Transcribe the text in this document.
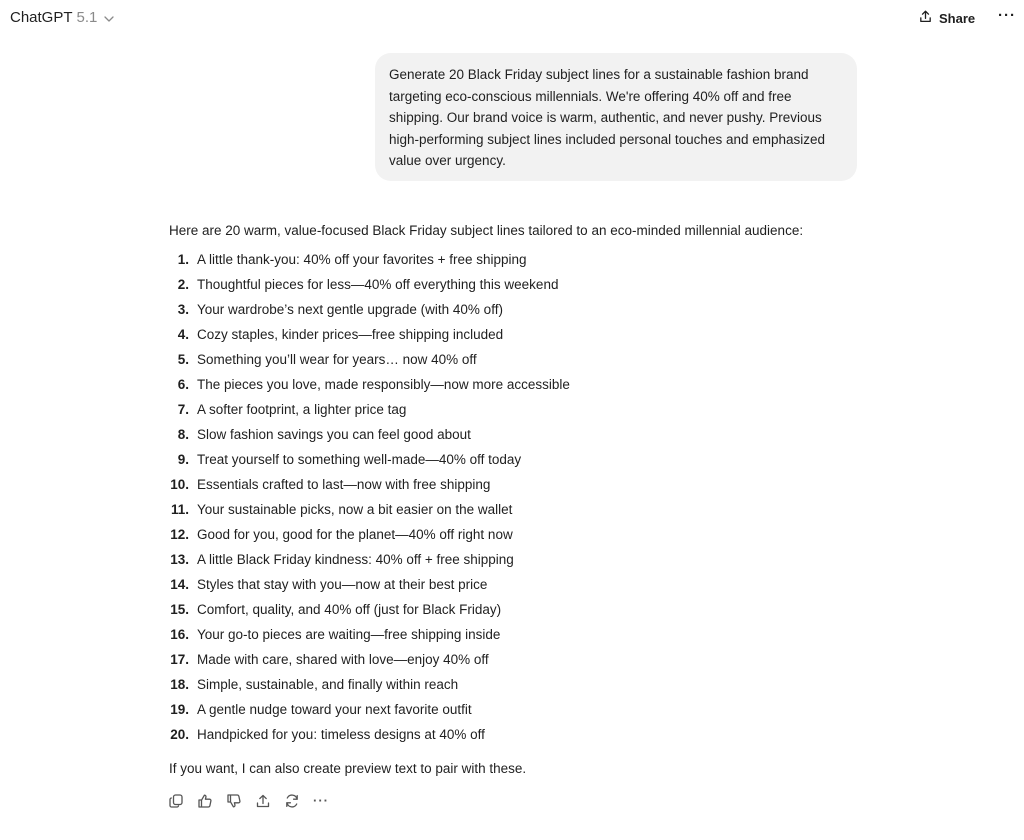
ChatGPT 5.1	Share ···
Generate 20 Black Friday subject lines for a sustainable fashion brand targeting eco-conscious millennials. We're offering 40% off and free shipping. Our brand voice is warm, authentic, and never pushy. Previous high-performing subject lines included personal touches and emphasized value over urgency.
Here are 20 warm, value-focused Black Friday subject lines tailored to an eco-minded millennial audience:
1. A little thank-you: 40% off your favorites + free shipping
2. Thoughtful pieces for less—40% off everything this weekend
3. Your wardrobe’s next gentle upgrade (with 40% off)
4. Cozy staples, kinder prices—free shipping included
5. Something you’ll wear for years… now 40% off
6. The pieces you love, made responsibly—now more accessible
7. A softer footprint, a lighter price tag
8. Slow fashion savings you can feel good about
9. Treat yourself to something well-made—40% off today
10. Essentials crafted to last—now with free shipping
11. Your sustainable picks, now a bit easier on the wallet
12. Good for you, good for the planet—40% off right now
13. A little Black Friday kindness: 40% off + free shipping
14. Styles that stay with you—now at their best price
15. Comfort, quality, and 40% off (just for Black Friday)
16. Your go-to pieces are waiting—free shipping inside
17. Made with care, shared with love—enjoy 40% off
18. Simple, sustainable, and finally within reach
19. A gentle nudge toward your next favorite outfit
20. Handpicked for you: timeless designs at 40% off
If you want, I can also create preview text to pair with these.
···
